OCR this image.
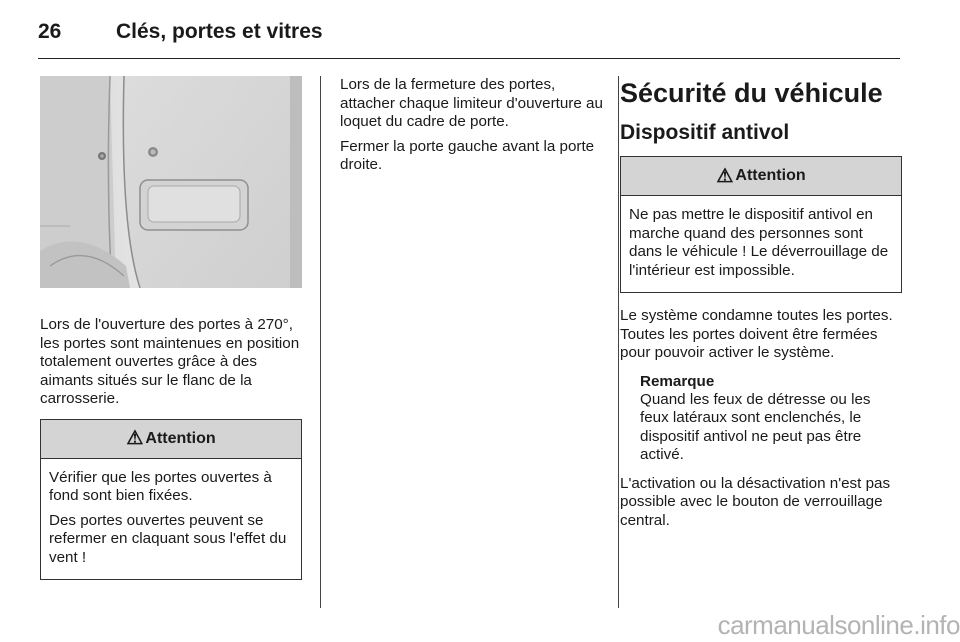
26	Clés, portes et vitres

Lors de l'ouverture des portes à 270°, les portes sont maintenues en position totalement ouvertes grâce à des aimants situés sur le flanc de la carrosserie.

⚠ Attention

Vérifier que les portes ouvertes à fond sont bien fixées.

Des portes ouvertes peuvent se refermer en claquant sous l'effet du vent !

Lors de la fermeture des portes, attacher chaque limiteur d'ouverture au loquet du cadre de porte.

Fermer la porte gauche avant la porte droite.

Sécurité du véhicule
Dispositif antivol
⚠ Attention

Ne pas mettre le dispositif antivol en marche quand des personnes sont dans le véhicule ! Le déverrouillage de l'intérieur est impossible.

Le système condamne toutes les portes. Toutes les portes doivent être fermées pour pouvoir activer le système.

Remarque

Quand les feux de détresse ou les feux latéraux sont enclenchés, le dispositif antivol ne peut pas être activé.

L'activation ou la désactivation n'est pas possible avec le bouton de verrouillage central.

carmanualsonline.info
